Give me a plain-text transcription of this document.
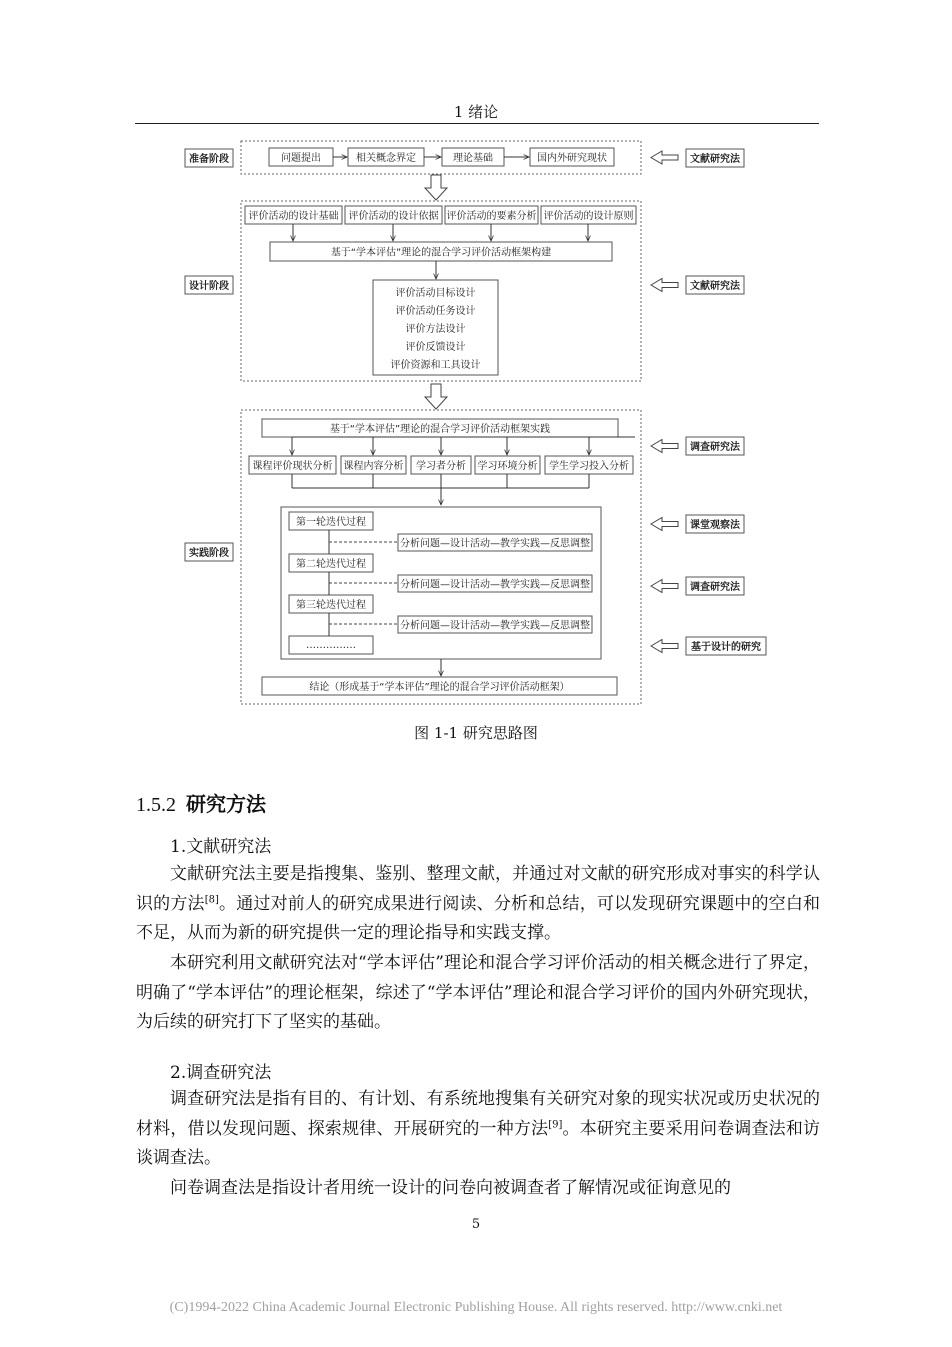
1 绪论
准备阶段
设计阶段
实践阶段
问题提出	相关概念界定	理论基础	国内外研究现状
评价活动的设计基础 评价活动的设计依据 评价活动的要素分析 评价活动的设计原则
基于“学本评估”理论的混合学习评价活动框架构建
评价活动目标设计
评价活动任务设计
评价方法设计
评价反馈设计
评价资源和工具设计
基于“学本评估”理论的混合学习评价活动框架实践
课程评价现状分析 课程内容分析 学习者分析 学习环境分析 学生学习投入分析
第一轮迭代过程
第二轮迭代过程
第三轮迭代过程
……………
分析问题—设计活动—教学实践—反思调整
分析问题—设计活动—教学实践—反思调整
分析问题—设计活动—教学实践—反思调整
结论（形成基于“学本评估”理论的混合学习评价活动框架）
文献研究法
文献研究法
调查研究法
课堂观察法
调查研究法
基于设计的研究
图 1-1 研究思路图
1.5.2 研究方法
1.文献研究法

文献研究法主要是指搜集、鉴别、整理文献，并通过对文献的研究形成对事实的科学认识的方法[8]。通过对前人的研究成果进行阅读、分析和总结，可以发现研究课题中的空白和不足，从而为新的研究提供一定的理论指导和实践支撑。

本研究利用文献研究法对“学本评估”理论和混合学习评价活动的相关概念进行了界定，明确了“学本评估”的理论框架，综述了“学本评估”理论和混合学习评价的国内外研究现状，为后续的研究打下了坚实的基础。

2.调查研究法

调查研究法是指有目的、有计划、有系统地搜集有关研究对象的现实状况或历史状况的材料，借以发现问题、探索规律、开展研究的一种方法[9]。本研究主要采用问卷调查法和访谈调查法。

问卷调查法是指设计者用统一设计的问卷向被调查者了解情况或征询意见的

5
(C)1994-2022 China Academic Journal Electronic Publishing House. All rights reserved. http://www.cnki.net
